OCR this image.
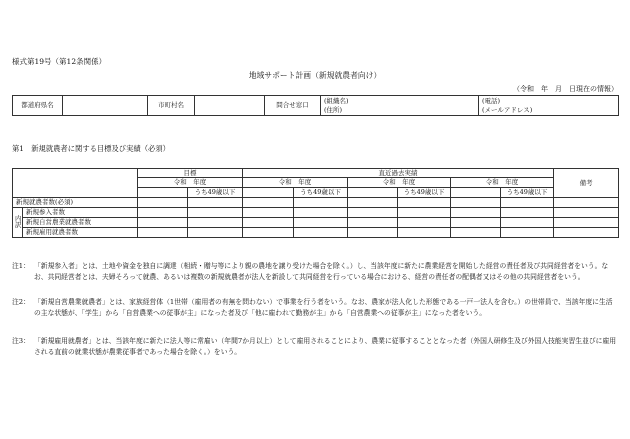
様式第19号（第12条関係）
地域サポート計画（新規就農者向け）
（令和　年　月　日現在の情報）
都道府県名		市町村名		問合せ窓口	
(組織名)
(住所)

(電話)
(メールアドレス)
第1　新規就農者に関する目標及び実績（必須）
		目標		直近過去実績						備考
		令和　年度		令和　年度		令和　年度		令和　年度		
			うち49歳以下		うち49歳以下		うち49歳以下		うち49歳以下	
新規就農者数(必須)										
内訳	新規参入者数									
	新規自営農業就農者数									
	新規雇用就農者数									
注1： 「新規参入者」とは、土地や資金を独自に調達（相続・贈与等により親の農地を譲り受けた場合を除く。）し、当該年度に新たに農業経営を開始した経営の責任者及び共同経営者をいう。なお、共同経営者とは、夫婦そろって就農、あるいは複数の新規就農者が法人を新設して共同経営を行っている場合における、経営の責任者の配偶者又はその他の共同経営者をいう。
注2： 「新規自営農業就農者」とは、家族経営体（1世帯（雇用者の有無を問わない）で事業を行う者をいう。なお、農家が法人化した形態である一戸一法人を含む。）の世帯員で、当該年度に生活の主な状態が、「学生」から「自営農業への従事が主」になった者及び「他に雇われて勤務が主」から「自営農業への従事が主」になった者をいう。
注3： 「新規雇用就農者」とは、当該年度に新たに法人等に常雇い（年間7か月以上）として雇用されることにより、農業に従事することとなった者（外国人研修生及び外国人技能実習生並びに雇用される直前の就業状態が農業従事者であった場合を除く。）をいう。
